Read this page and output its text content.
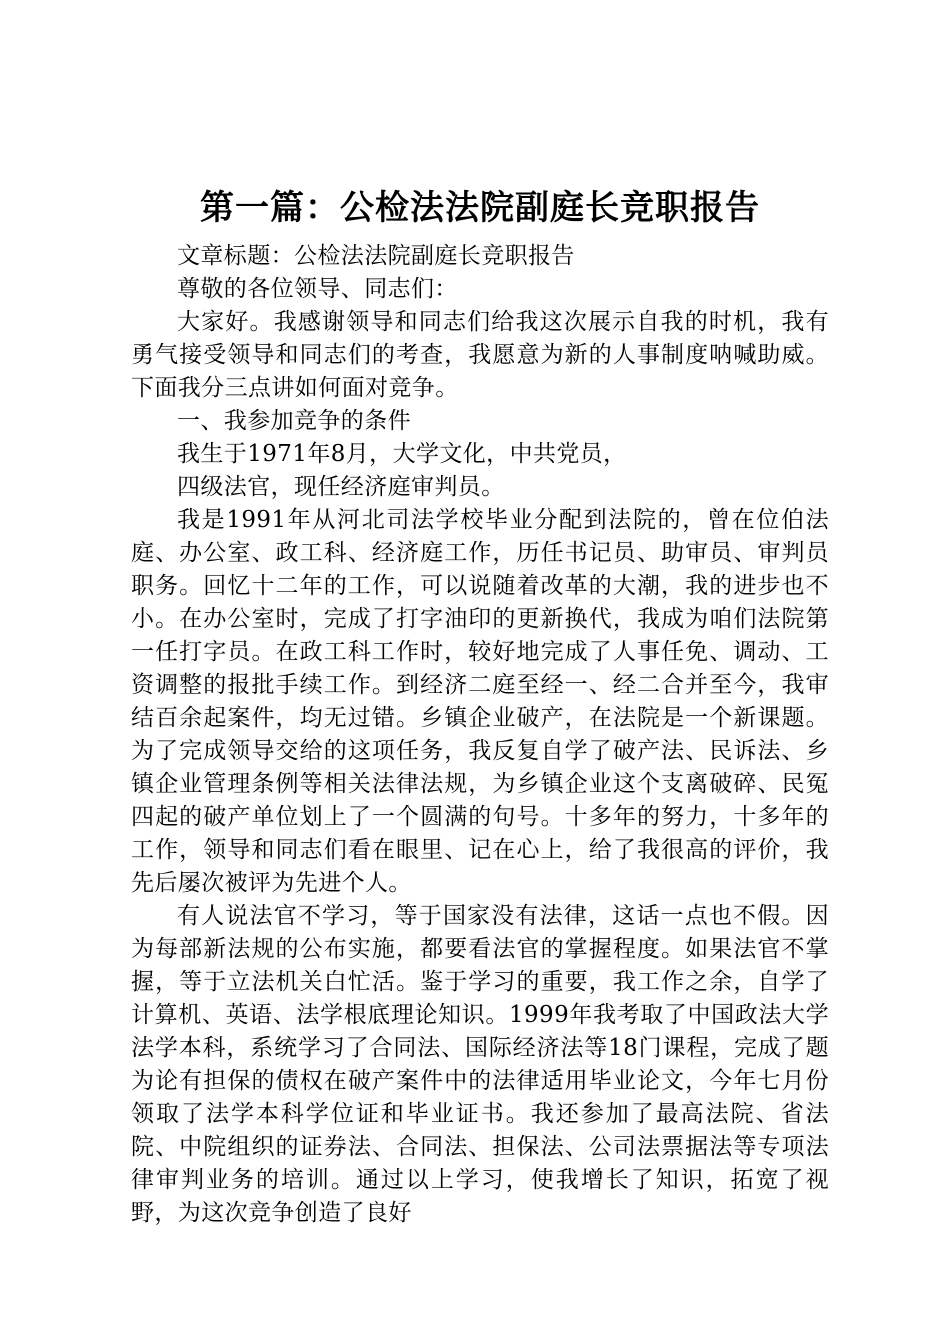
第一篇：公检法法院副庭长竞职报告

文章标题：公检法法院副庭长竞职报告

尊敬的各位领导、同志们：

大家好。我感谢领导和同志们给我这次展示自我的时机，我有勇气接受领导和同志们的考查，我愿意为新的人事制度呐喊助威。下面我分三点讲如何面对竞争。

一、我参加竞争的条件

我生于1971年8月，大学文化，中共党员，

四级法官，现任经济庭审判员。

我是1991年从河北司法学校毕业分配到法院的，曾在位伯法庭、办公室、政工科、经济庭工作，历任书记员、助审员、审判员职务。回忆十二年的工作，可以说随着改革的大潮，我的进步也不小。在办公室时，完成了打字油印的更新换代，我成为咱们法院第一任打字员。在政工科工作时，较好地完成了人事任免、调动、工资调整的报批手续工作。到经济二庭至经一、经二合并至今，我审结百余起案件，均无过错。乡镇企业破产，在法院是一个新课题。为了完成领导交给的这项任务，我反复自学了破产法、民诉法、乡镇企业管理条例等相关法律法规，为乡镇企业这个支离破碎、民冤四起的破产单位划上了一个圆满的句号。十多年的努力，十多年的工作，领导和同志们看在眼里、记在心上，给了我很高的评价，我先后屡次被评为先进个人。

有人说法官不学习，等于国家没有法律，这话一点也不假。因为每部新法规的公布实施，都要看法官的掌握程度。如果法官不掌握，等于立法机关白忙活。鉴于学习的重要，我工作之余，自学了计算机、英语、法学根底理论知识。1999年我考取了中国政法大学法学本科，系统学习了合同法、国际经济法等18门课程，完成了题为论有担保的债权在破产案件中的法律适用毕业论文，今年七月份领取了法学本科学位证和毕业证书。我还参加了最高法院、省法院、中院组织的证券法、合同法、担保法、公司法票据法等专项法律审判业务的培训。通过以上学习，使我增长了知识，拓宽了视野，为这次竞争创造了良好
